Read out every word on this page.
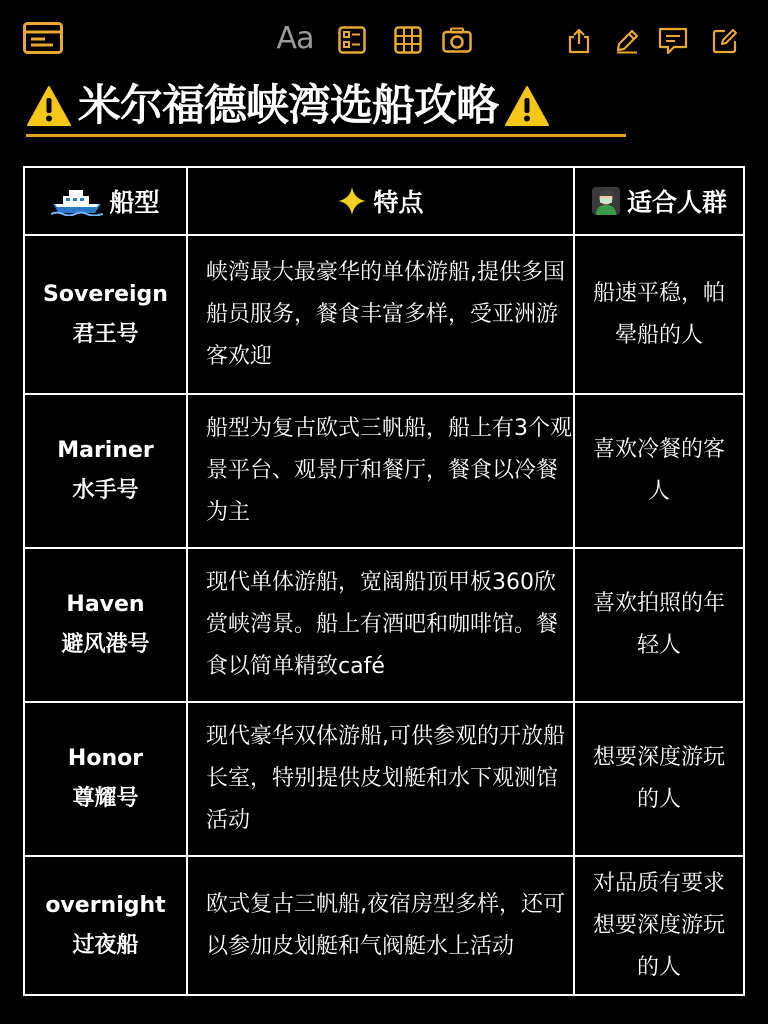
Aa
米尔福德峡湾选船攻略
船型	特点	适合人群

Sovereign
君王号	峡湾最大最豪华的单体游船,提供多国船员服务，餐食丰富多样，受亚洲游客欢迎	船速平稳，帕晕船的人

Mariner
水手号	船型为复古欧式三帆船，船上有3个观景平台、观景厅和餐厅，餐食以冷餐为主	喜欢冷餐的客人

Haven
避风港号	现代单体游船，宽阔船顶甲板360欣赏峡湾景。船上有酒吧和咖啡馆。餐食以简单精致café	喜欢拍照的年轻人

Honor
尊耀号	现代豪华双体游船,可供参观的开放船长室，特别提供皮划艇和水下观测馆活动	想要深度游玩的人

overnight
过夜船	欧式复古三帆船,夜宿房型多样，还可以参加皮划艇和气阀艇水上活动	对品质有要求想要深度游玩的人
